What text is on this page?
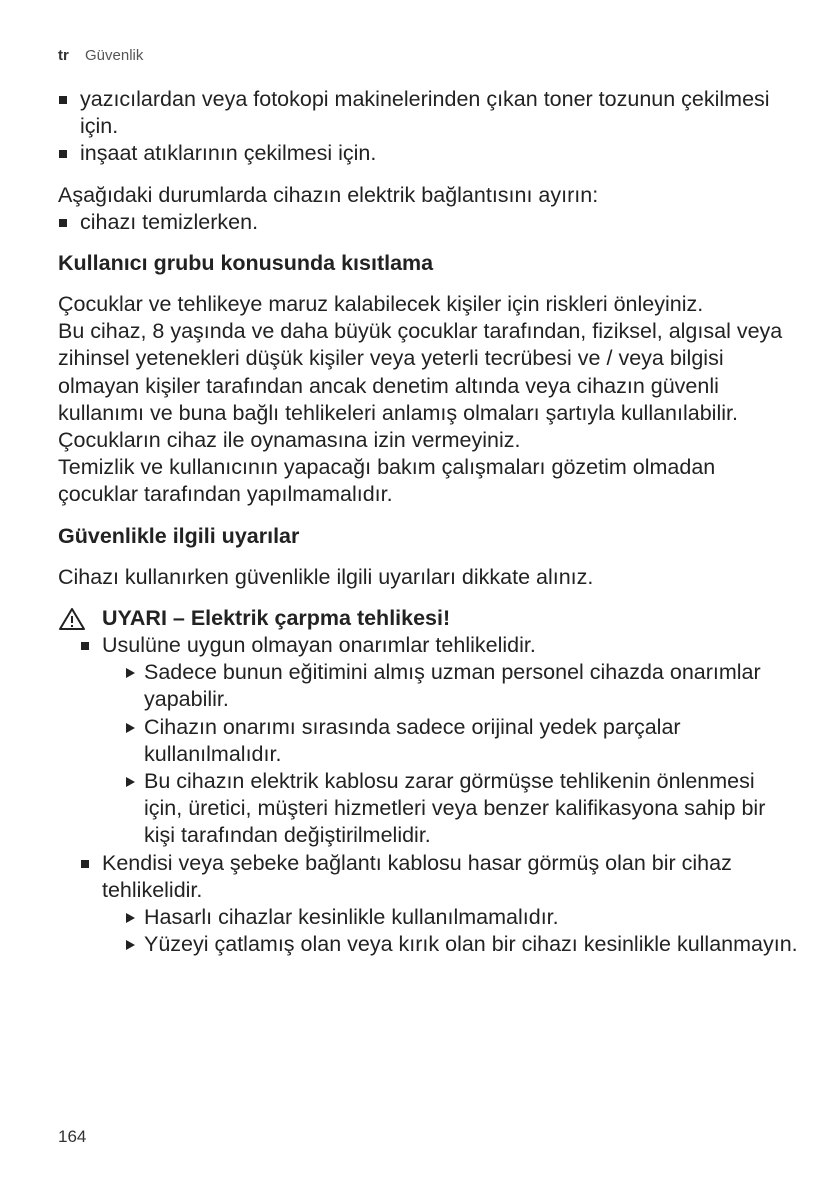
tr Güvenlik
yazıcılardan veya fotokopi makinelerinden çıkan toner tozunun çekilmesi için.
inşaat atıklarının çekilmesi için.

Aşağıdaki durumlarda cihazın elektrik bağlantısını ayırın:

cihazı temizlerken.
Kullanıcı grubu konusunda kısıtlama

Çocuklar ve tehlikeye maruz kalabilecek kişiler için riskleri önleyiniz.

Bu cihaz, 8 yaşında ve daha büyük çocuklar tarafından, fiziksel, algısal veya zihinsel yetenekleri düşük kişiler veya yeterli tecrübesi ve / veya bilgisi olmayan kişiler tarafından ancak denetim altında veya cihazın güvenli kullanımı ve buna bağlı tehlikeleri anlamış olmaları şartıyla kullanılabilir.

Çocukların cihaz ile oynamasına izin vermeyiniz.

Temizlik ve kullanıcının yapacağı bakım çalışmaları gözetim olmadan çocuklar tarafından yapılmamalıdır.

Güvenlikle ilgili uyarılar

Cihazı kullanırken güvenlikle ilgili uyarıları dikkate alınız.

UYARI – Elektrik çarpma tehlikesi!
Usulüne uygun olmayan onarımlar tehlikelidir.
Sadece bunun eğitimini almış uzman personel cihazda onarımlar yapabilir.
Cihazın onarımı sırasında sadece orijinal yedek parçalar kullanılmalıdır.
Bu cihazın elektrik kablosu zarar görmüşse tehlikenin önlenmesi için, üretici, müşteri hizmetleri veya benzer kalifikasyona sahip bir kişi tarafından değiştirilmelidir.
Kendisi veya şebeke bağlantı kablosu hasar görmüş olan bir cihaz tehlikelidir.
Hasarlı cihazlar kesinlikle kullanılmamalıdır.
Yüzeyi çatlamış olan veya kırık olan bir cihazı kesinlikle kullanmayın.
164
